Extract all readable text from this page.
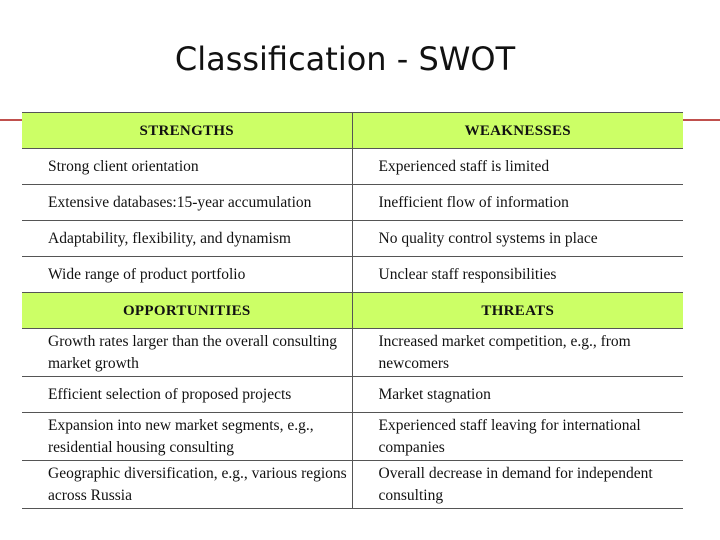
Classification - SWOT
STRENGTHS	WEAKNESSES
Strong client orientation	Experienced staff is limited
Extensive databases:15-year accumulation	Inefficient flow of information
Adaptability, flexibility, and dynamism	No quality control systems in place
Wide range of product portfolio	Unclear staff responsibilities
OPPORTUNITIES	THREATS
Growth rates larger than the overall consulting market growth	Increased market competition, e.g., from newcomers
Efficient selection of proposed projects	Market stagnation
Expansion into new market segments, e.g., residential housing consulting	Experienced staff leaving for international companies
Geographic diversification, e.g., various regions across Russia	Overall decrease in demand for independent consulting
